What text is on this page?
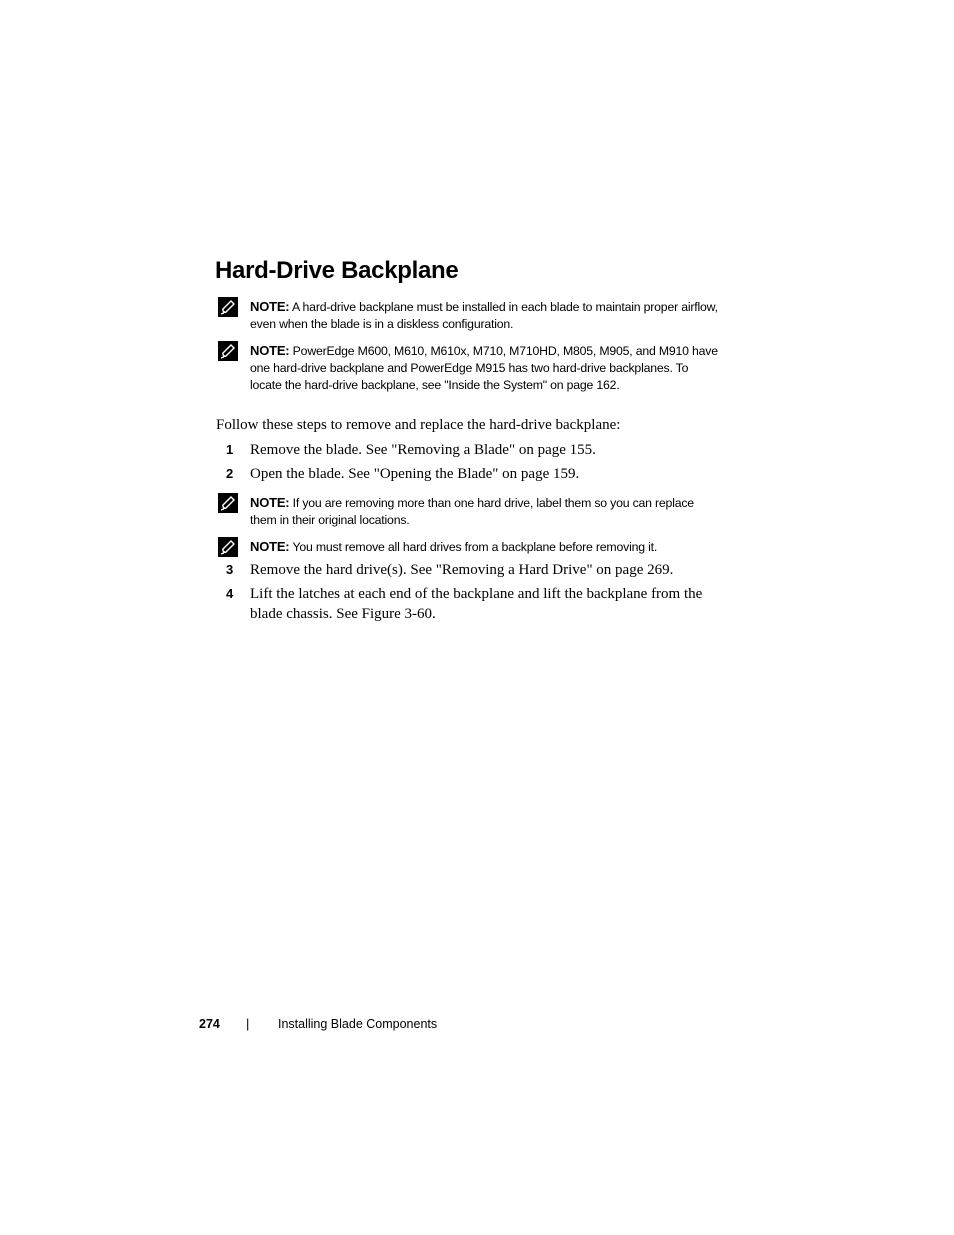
Hard-Drive Backplane
NOTE: A hard-drive backplane must be installed in each blade to maintain proper airflow, even when the blade is in a diskless configuration.
NOTE: PowerEdge M600, M610, M610x, M710, M710HD, M805, M905, and M910 have one hard-drive backplane and PowerEdge M915 has two hard-drive backplanes. To locate the hard-drive backplane, see "Inside the System" on page 162.

Follow these steps to remove and replace the hard-drive backplane:

1 Remove the blade. See "Removing a Blade" on page 155.
2 Open the blade. See "Opening the Blade" on page 159.
NOTE: If you are removing more than one hard drive, label them so you can replace them in their original locations.
NOTE: You must remove all hard drives from a backplane before removing it.
3 Remove the hard drive(s). See "Removing a Hard Drive" on page 269.
4 Lift the latches at each end of the backplane and lift the backplane from the blade chassis. See Figure 3-60.
274 | Installing Blade Components
